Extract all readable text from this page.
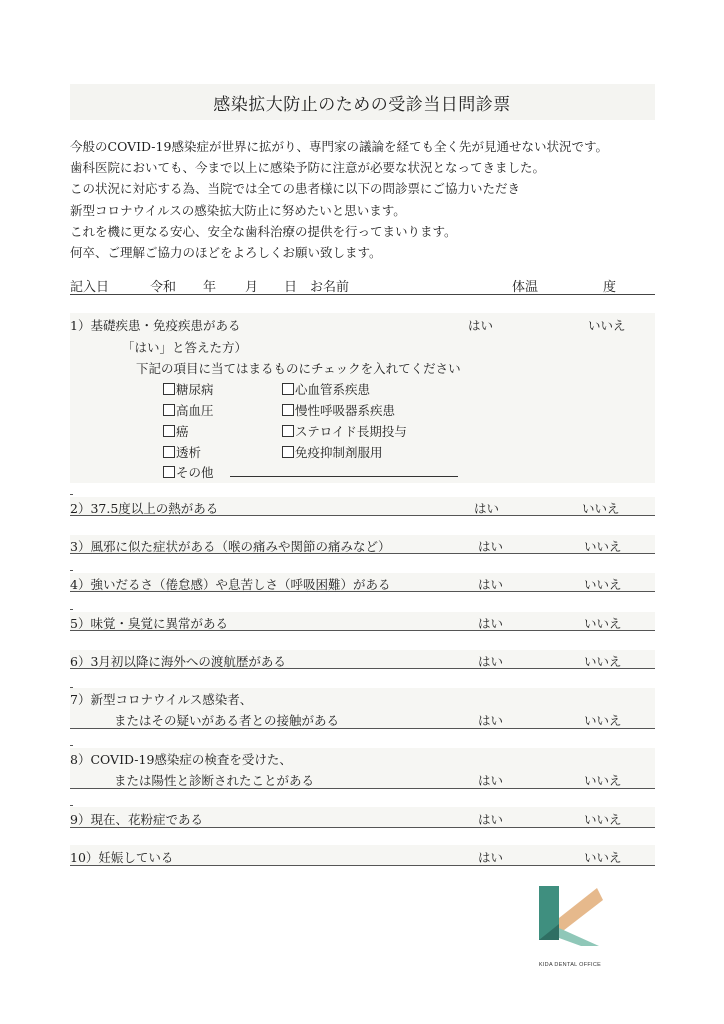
感染拡大防止のための受診当日問診票
今般のCOVID-19感染症が世界に拡がり、専門家の議論を経ても全く先が見通せない状況です。
歯科医院においても、今まで以上に感染予防に注意が必要な状況となってきました。
この状況に対応する為、当院では全ての患者様に以下の問診票にご協力いただき
新型コロナウイルスの感染拡大防止に努めたいと思います。
これを機に更なる安心、安全な歯科治療の提供を行ってまいります。
何卒、ご理解ご協力のほどをよろしくお願い致します。
記入日	令和 年 月 日 お名前	体温	度
1）基礎疾患・免疫疾患がある	はい	いいえ
「はい」と答えた方）
下記の項目に当てはまるものにチェックを入れてください
糖尿病	心血管系疾患
高血圧	慢性呼吸器系疾患
癌	ステロイド長期投与
透析	免疫抑制剤服用
その他
2）37.5度以上の熱がある	はい	いいえ
3）風邪に似た症状がある（喉の痛みや関節の痛みなど）	はい	いいえ
4）強いだるさ（倦怠感）や息苦しさ（呼吸困難）がある	はい	いいえ
5）味覚・臭覚に異常がある	はい	いいえ
6）3月初以降に海外への渡航歴がある	はい	いいえ
7）新型コロナウイルス感染者、
またはその疑いがある者との接触がある	はい	いいえ
8）COVID-19感染症の検査を受けた、
または陽性と診断されたことがある	はい	いいえ
9）現在、花粉症である	はい	いいえ
10）妊娠している	はい	いいえ
KIDA DENTAL OFFICE
